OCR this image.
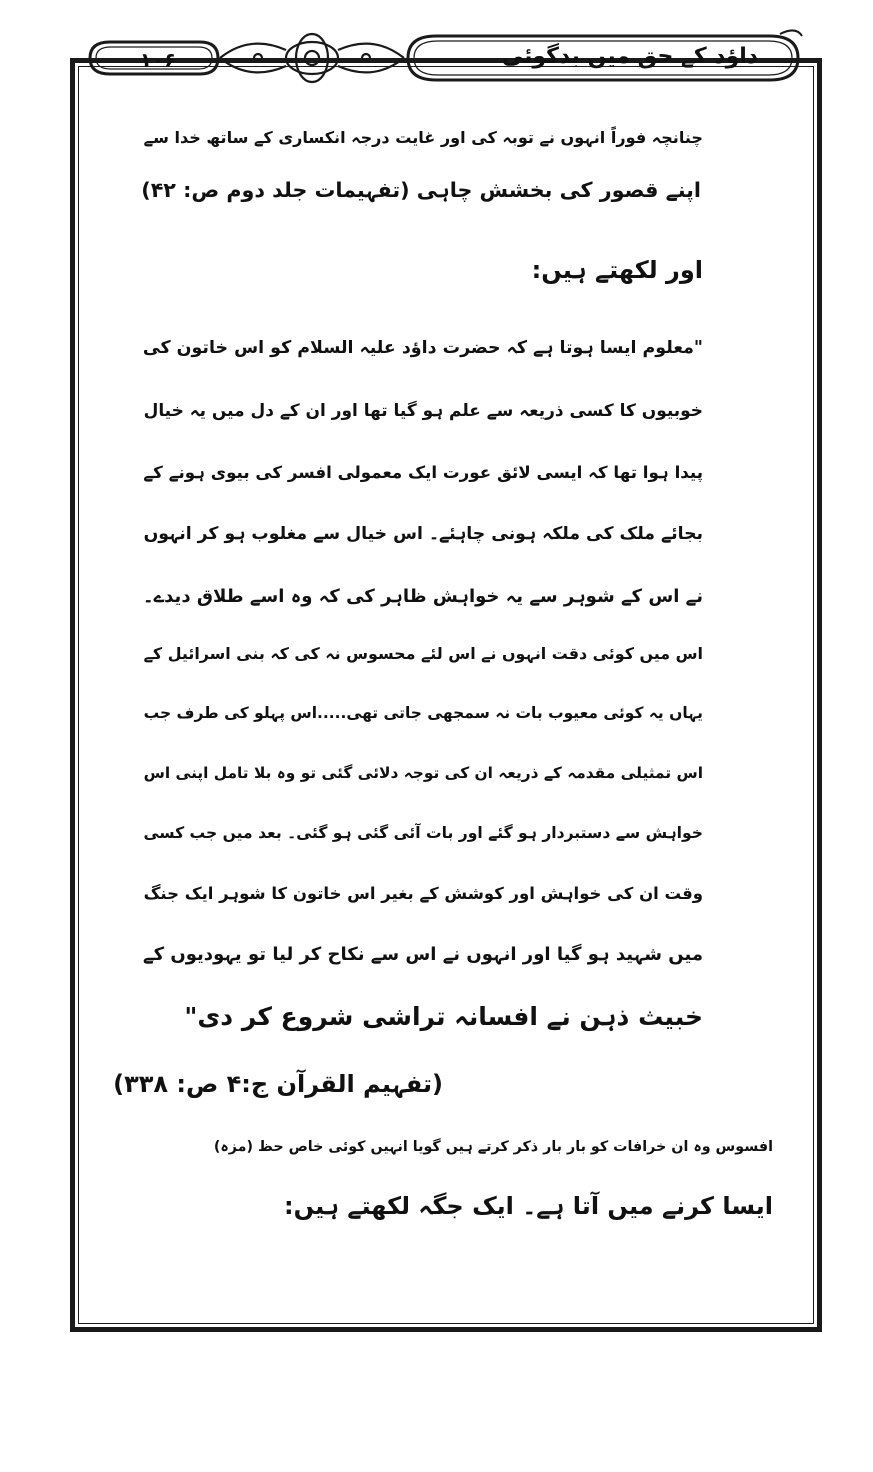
۱۰۶	داؤد کے حق میں بدگوئی
چنانچہ فوراً انہوں نے توبہ کی اور غایت درجہ انکساری کے ساتھ خدا سے
اپنے قصور کی بخشش چاہی (تفہیمات جلد دوم ص: ۴۲)
اور لکھتے ہیں:
"معلوم ایسا ہوتا ہے کہ حضرت داؤد علیہ السلام کو اس خاتون کی
خوبیوں کا کسی ذریعہ سے علم ہو گیا تھا اور ان کے دل میں یہ خیال
پیدا ہوا تھا کہ ایسی لائق عورت ایک معمولی افسر کی بیوی ہونے کے
بجائے ملک کی ملکہ ہونی چاہئے۔ اس خیال سے مغلوب ہو کر انہوں
نے اس کے شوہر سے یہ خواہش ظاہر کی کہ وہ اسے طلاق دیدے۔
اس میں کوئی دقت انہوں نے اس لئے محسوس نہ کی کہ بنی اسرائیل کے
یہاں یہ کوئی معیوب بات نہ سمجھی جاتی تھی.....اس پہلو کی طرف جب
اس تمثیلی مقدمہ کے ذریعہ ان کی توجہ دلائی گئی تو وہ بلا تامل اپنی اس
خواہش سے دستبردار ہو گئے اور بات آئی گئی ہو گئی۔ بعد میں جب کسی
وقت ان کی خواہش اور کوشش کے بغیر اس خاتون کا شوہر ایک جنگ
میں شہید ہو گیا اور انہوں نے اس سے نکاح کر لیا تو یہودیوں کے
خبیث ذہن نے افسانہ تراشی شروع کر دی"
(تفہیم القرآن ج:۴ ص: ۳۳۸)
افسوس وہ ان خرافات کو بار بار ذکر کرتے ہیں گویا انہیں کوئی خاص حظ (مزہ)
ایسا کرنے میں آتا ہے۔ ایک جگہ لکھتے ہیں:
